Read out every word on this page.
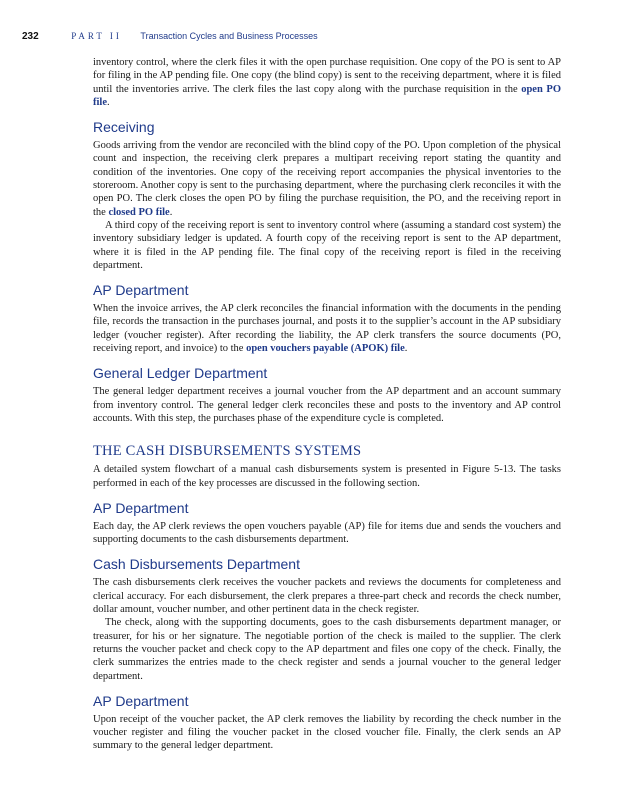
232	PART II Transaction Cycles and Business Processes

inventory control, where the clerk files it with the open purchase requisition. One copy of the PO is sent to AP for filing in the AP pending file. One copy (the blind copy) is sent to the receiving department, where it is filed until the inventories arrive. The clerk files the last copy along with the purchase requisition in the open PO file.

Receiving

Goods arriving from the vendor are reconciled with the blind copy of the PO. Upon completion of the physical count and inspection, the receiving clerk prepares a multipart receiving report stating the quantity and condition of the inventories. One copy of the receiving report accompanies the physical inventories to the storeroom. Another copy is sent to the purchasing department, where the purchasing clerk reconciles it with the open PO. The clerk closes the open PO by filing the purchase requisition, the PO, and the receiving report in the closed PO file.

A third copy of the receiving report is sent to inventory control where (assuming a standard cost system) the inventory subsidiary ledger is updated. A fourth copy of the receiving report is sent to the AP department, where it is filed in the AP pending file. The final copy of the receiving report is filed in the receiving department.

AP Department

When the invoice arrives, the AP clerk reconciles the financial information with the documents in the pending file, records the transaction in the purchases journal, and posts it to the supplier’s account in the AP subsidiary ledger (voucher register). After recording the liability, the AP clerk transfers the source documents (PO, receiving report, and invoice) to the open vouchers payable (APOK) file.

General Ledger Department

The general ledger department receives a journal voucher from the AP department and an account summary from inventory control. The general ledger clerk reconciles these and posts to the inventory and AP control accounts. With this step, the purchases phase of the expenditure cycle is completed.

THE CASH DISBURSEMENTS SYSTEMS

A detailed system flowchart of a manual cash disbursements system is presented in Figure 5-13. The tasks performed in each of the key processes are discussed in the following section.

AP Department

Each day, the AP clerk reviews the open vouchers payable (AP) file for items due and sends the vouchers and supporting documents to the cash disbursements department.

Cash Disbursements Department

The cash disbursements clerk receives the voucher packets and reviews the documents for completeness and clerical accuracy. For each disbursement, the clerk prepares a three-part check and records the check number, dollar amount, voucher number, and other pertinent data in the check register.

The check, along with the supporting documents, goes to the cash disbursements department manager, or treasurer, for his or her signature. The negotiable portion of the check is mailed to the supplier. The clerk returns the voucher packet and check copy to the AP department and files one copy of the check. Finally, the clerk summarizes the entries made to the check register and sends a journal voucher to the general ledger department.

AP Department

Upon receipt of the voucher packet, the AP clerk removes the liability by recording the check number in the voucher register and filing the voucher packet in the closed voucher file. Finally, the clerk sends an AP summary to the general ledger department.
